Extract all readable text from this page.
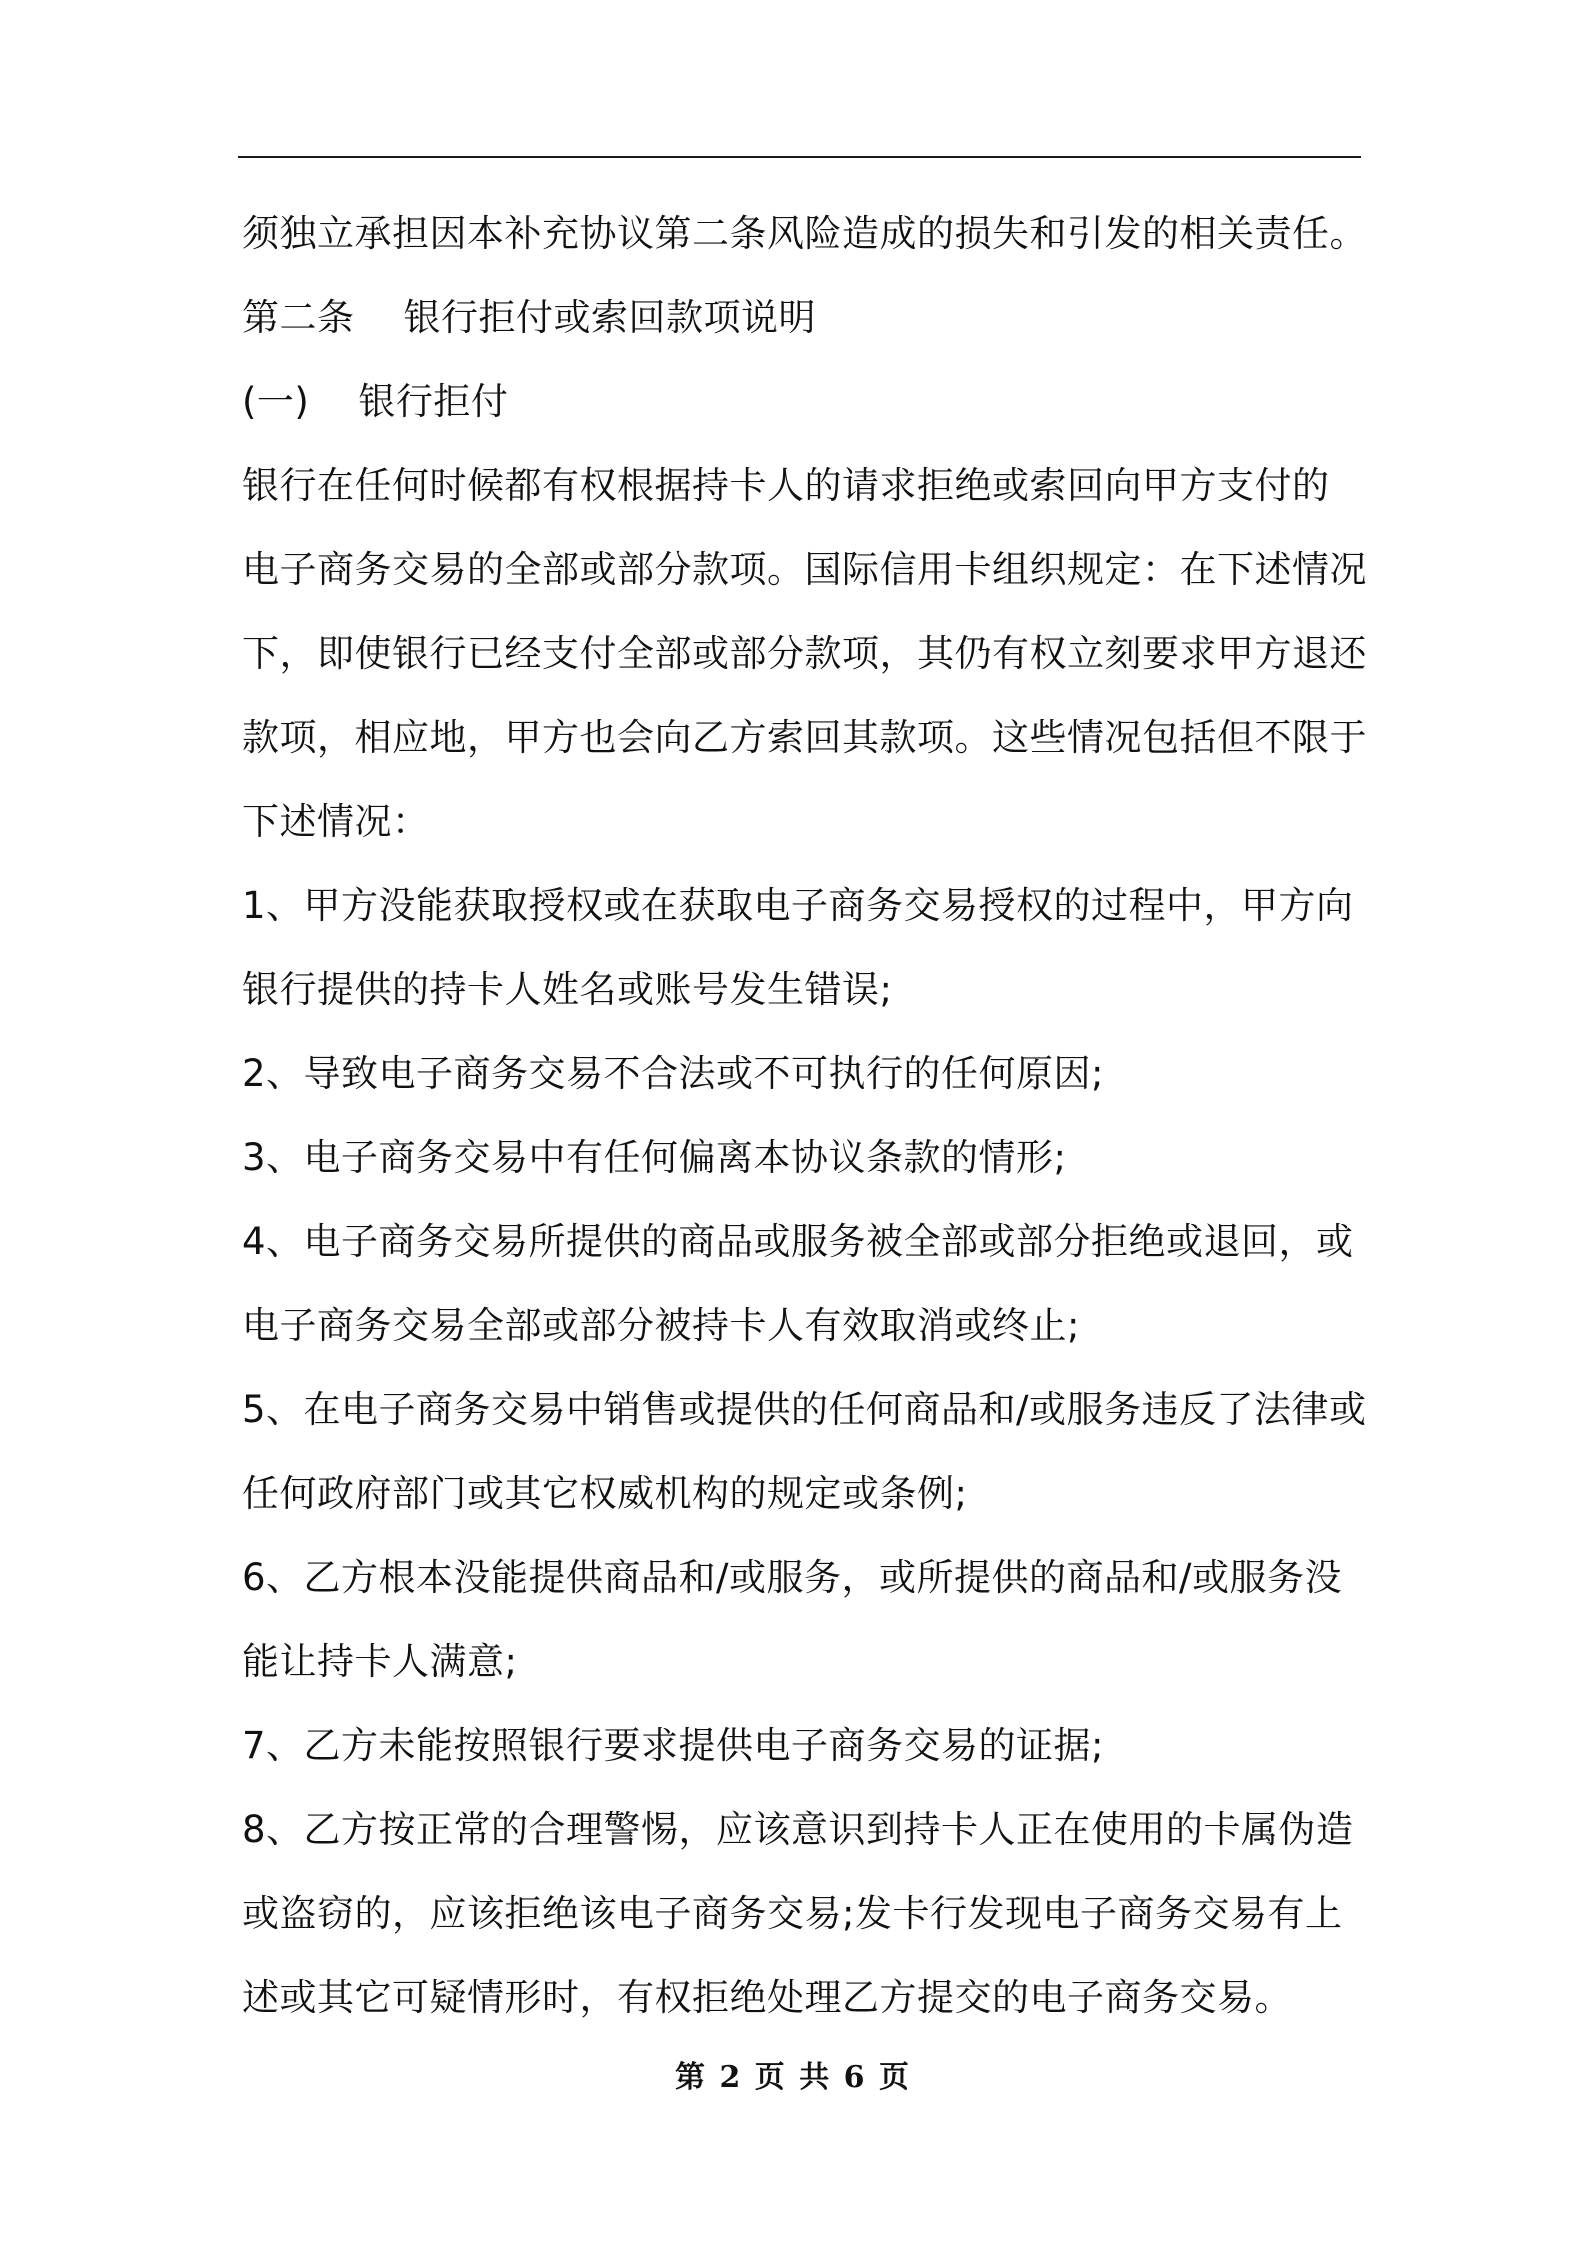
须独立承担因本补充协议第二条风险造成的损失和引发的相关责任。
第二条    银行拒付或索回款项说明
(一)    银行拒付
银行在任何时候都有权根据持卡人的请求拒绝或索回向甲方支付的
电子商务交易的全部或部分款项。国际信用卡组织规定：在下述情况
下，即使银行已经支付全部或部分款项，其仍有权立刻要求甲方退还
款项，相应地，甲方也会向乙方索回其款项。这些情况包括但不限于
下述情况：
1、甲方没能获取授权或在获取电子商务交易授权的过程中，甲方向
银行提供的持卡人姓名或账号发生错误;
2、导致电子商务交易不合法或不可执行的任何原因;
3、电子商务交易中有任何偏离本协议条款的情形;
4、电子商务交易所提供的商品或服务被全部或部分拒绝或退回，或
电子商务交易全部或部分被持卡人有效取消或终止;
5、在电子商务交易中销售或提供的任何商品和/或服务违反了法律或
任何政府部门或其它权威机构的规定或条例;
6、乙方根本没能提供商品和/或服务，或所提供的商品和/或服务没
能让持卡人满意;
7、乙方未能按照银行要求提供电子商务交易的证据;
8、乙方按正常的合理警惕，应该意识到持卡人正在使用的卡属伪造
或盗窃的，应该拒绝该电子商务交易;发卡行发现电子商务交易有上
述或其它可疑情形时，有权拒绝处理乙方提交的电子商务交易。
第 2 页 共 6 页
